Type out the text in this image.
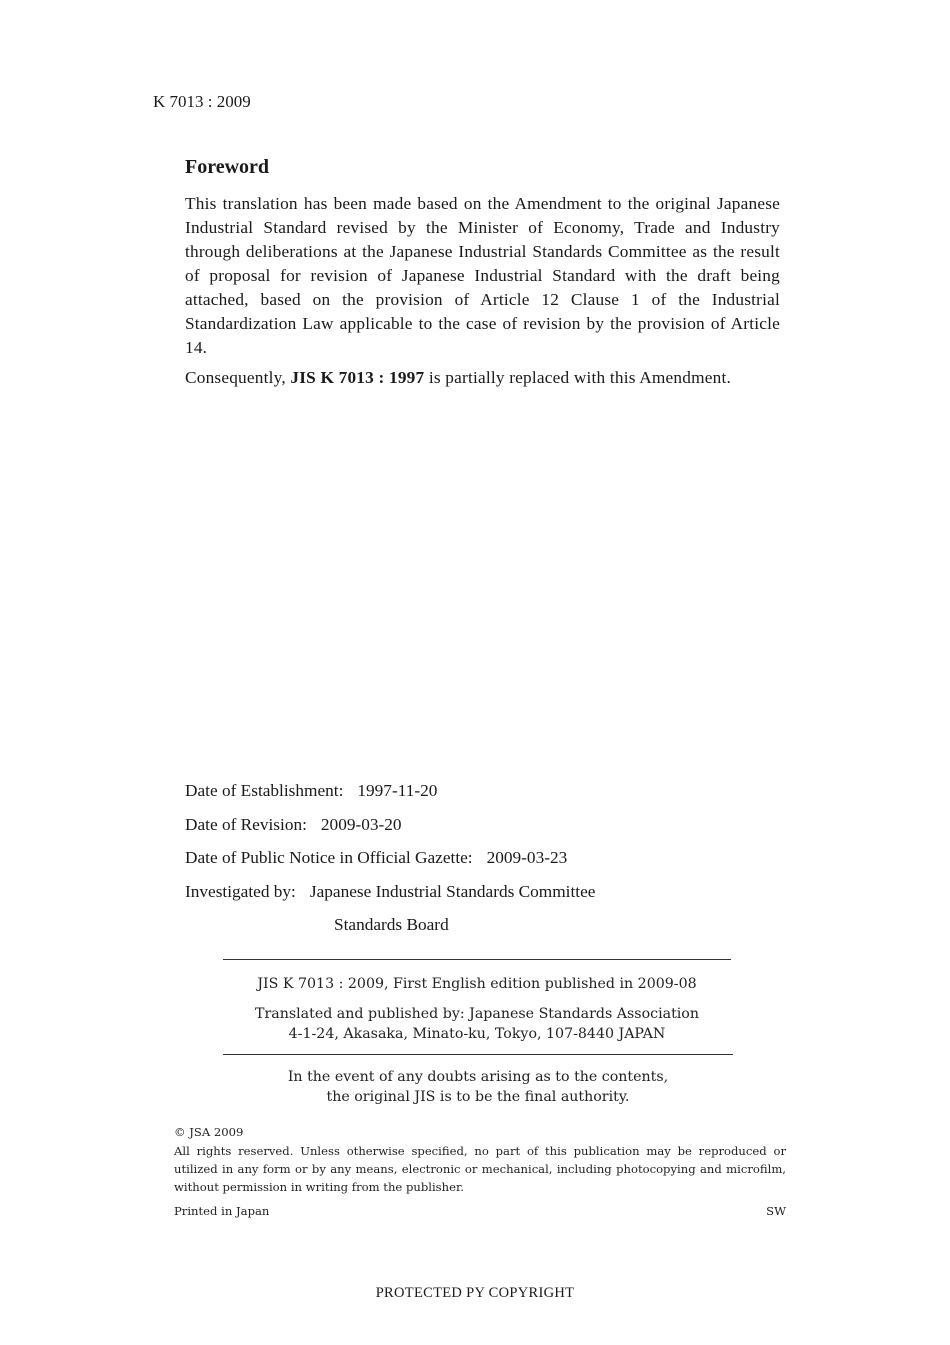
K 7013 : 2009
Foreword

This translation has been made based on the Amendment to the original Japanese Industrial Standard revised by the Minister of Economy, Trade and Industry through deliberations at the Japanese Industrial Standards Committee as the result of proposal for revision of Japanese Industrial Standard with the draft being attached, based on the provision of Article 12 Clause 1 of the Industrial Standardization Law applicable to the case of revision by the provision of Article 14.

Consequently, JIS K 7013 : 1997 is partially replaced with this Amendment.

Date of Establishment: 1997-11-20
Date of Revision: 2009-03-20
Date of Public Notice in Official Gazette: 2009-03-23
Investigated by: Japanese Industrial Standards Committee
Standards Board
JIS K 7013 : 2009, First English edition published in 2009-08
Translated and published by: Japanese Standards Association
4-1-24, Akasaka, Minato-ku, Tokyo, 107-8440 JAPAN
In the event of any doubts arising as to the contents,
the original JIS is to be the final authority.
© JSA 2009

All rights reserved. Unless otherwise specified, no part of this publication may be reproduced or utilized in any form or by any means, electronic or mechanical, including photocopying and microfilm, without permission in writing from the publisher.

Printed in Japan	SW
PROTECTED PY COPYRIGHT
